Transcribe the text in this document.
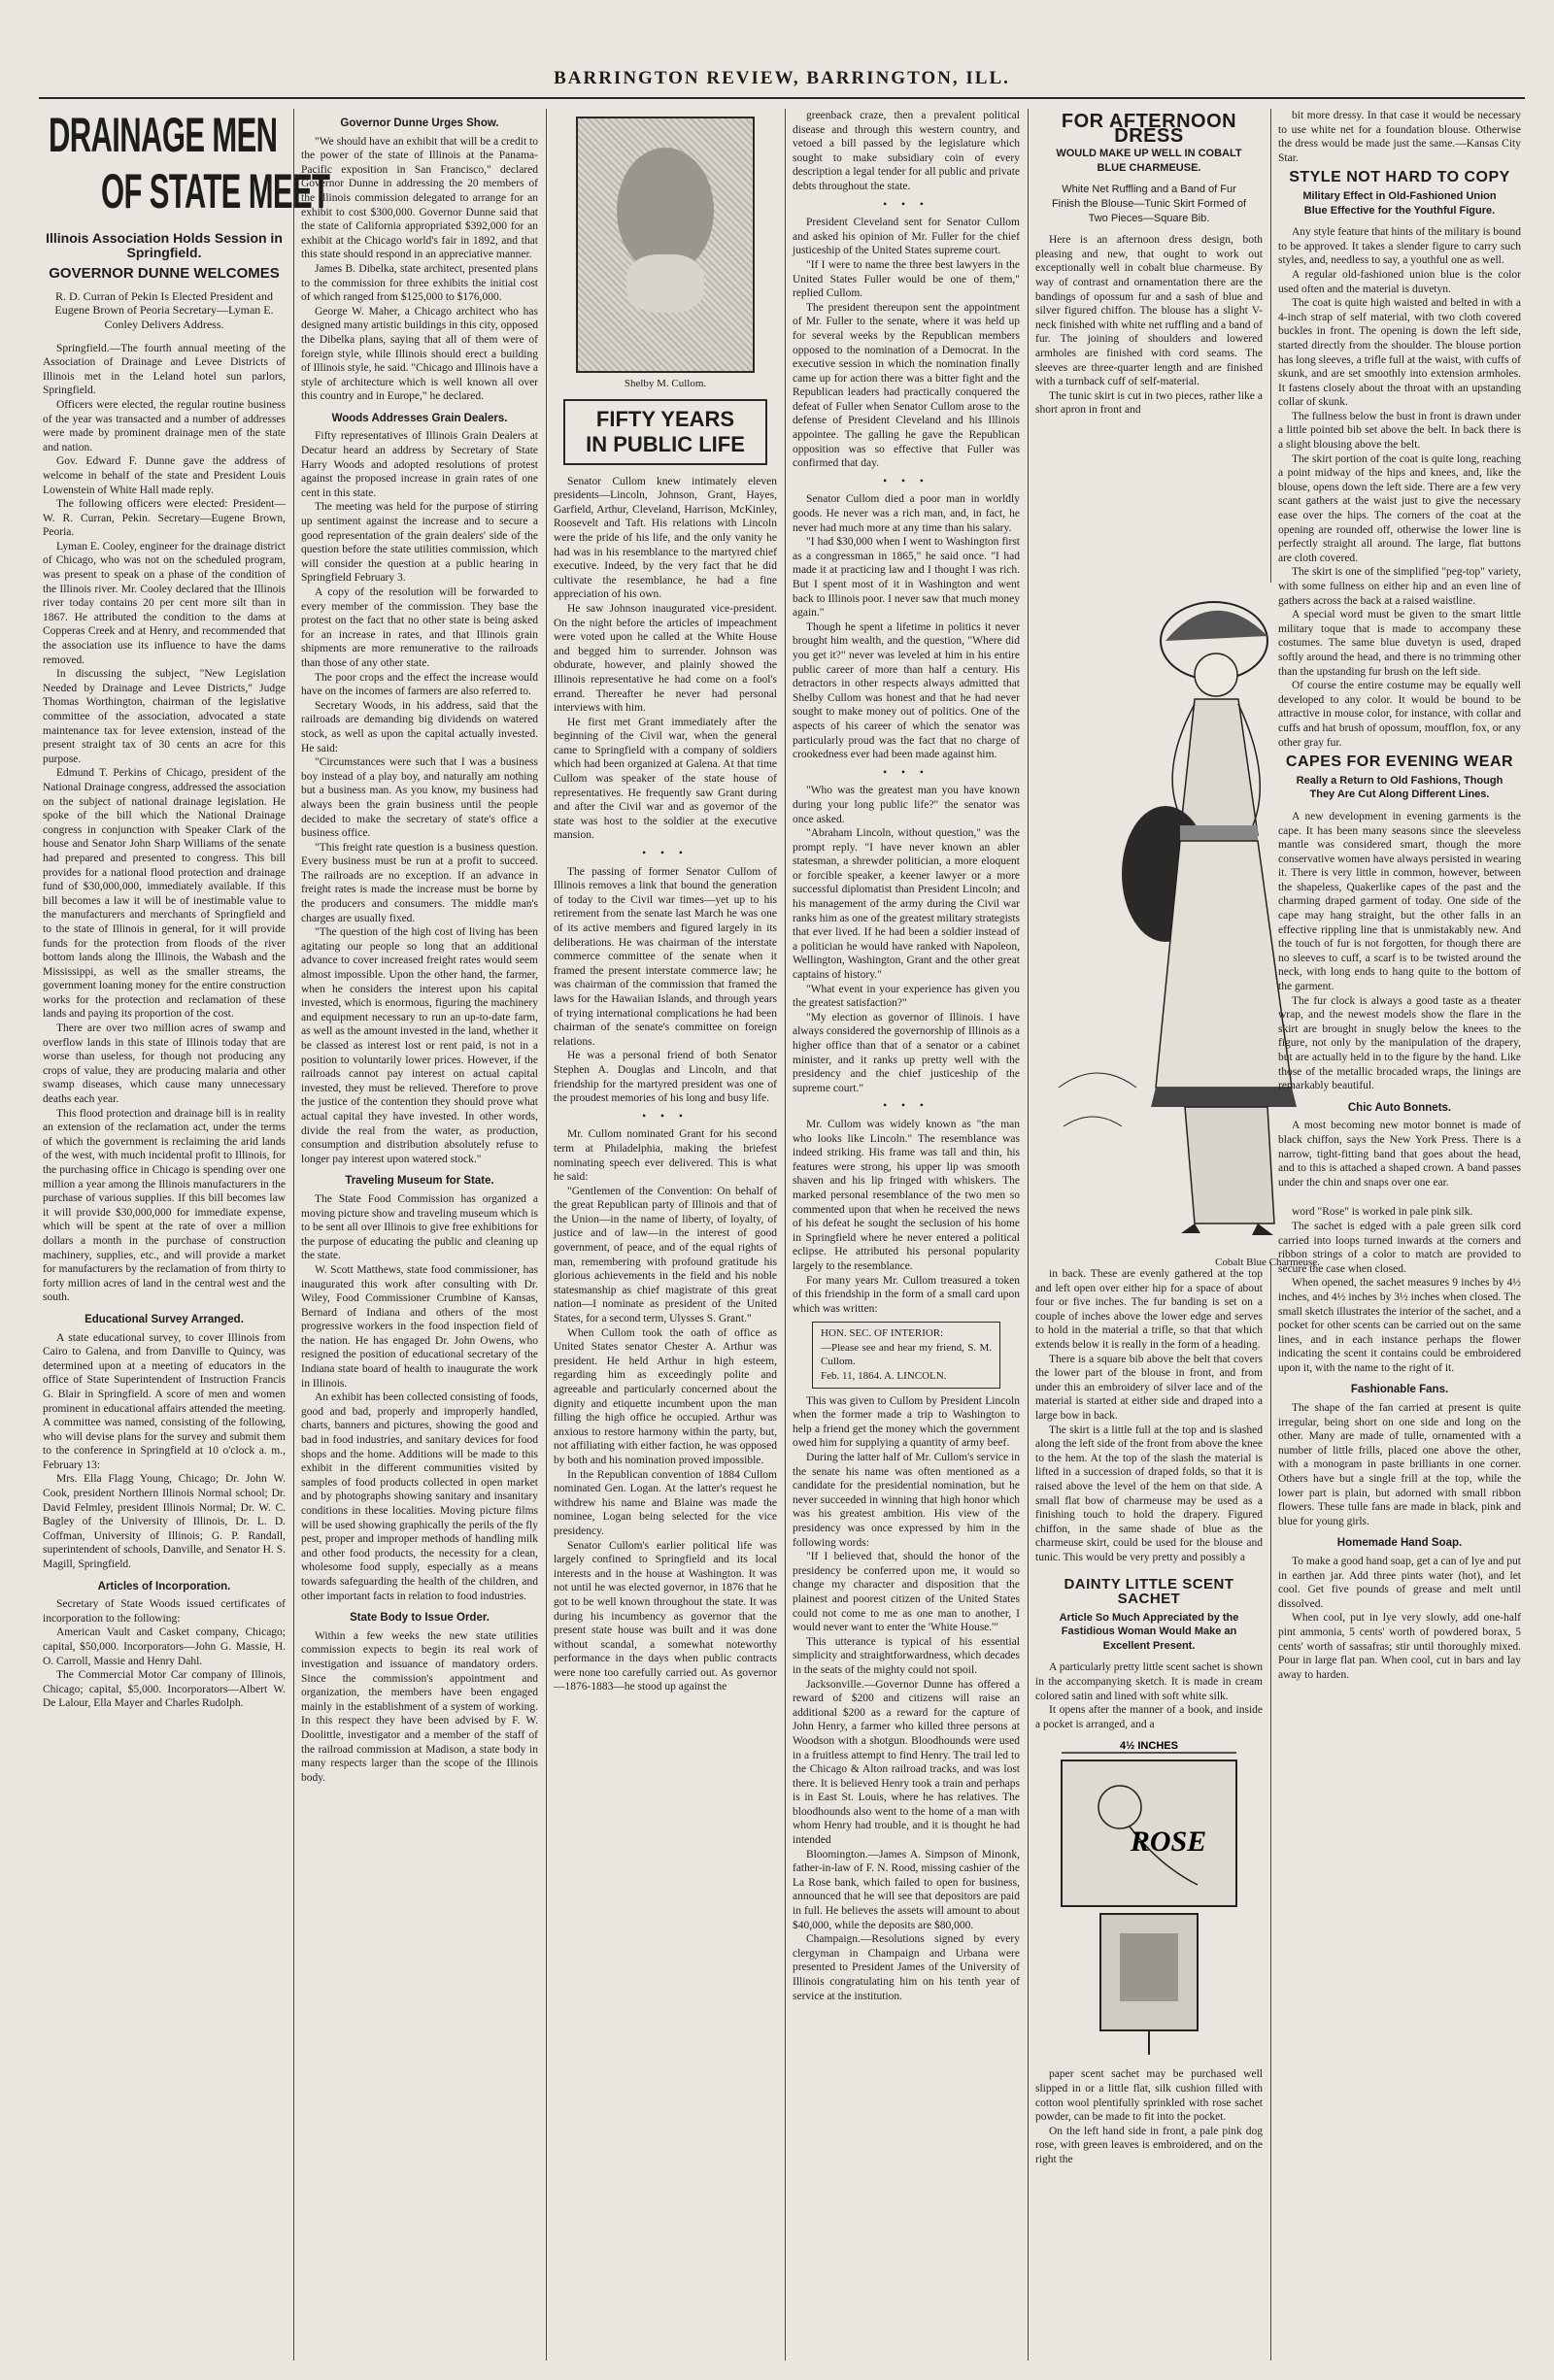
BARRINGTON REVIEW, BARRINGTON, ILL.
DRAINAGE MEN
OF STATE MEET
Illinois Association Holds Session in Springfield.
GOVERNOR DUNNE WELCOMES
R. D. Curran of Pekin Is Elected President and Eugene Brown of Peoria Secretary—Lyman E. Conley Delivers Address.

Springfield.—The fourth annual meeting of the Association of Drainage and Levee Districts of Illinois met in the Leland hotel sun parlors, Springfield.

Officers were elected, the regular routine business of the year was transacted and a number of addresses were made by prominent drainage men of the state and nation.

Gov. Edward F. Dunne gave the address of welcome in behalf of the state and President Louis Lowenstein of White Hall made reply.

The following officers were elected: President—W. R. Curran, Pekin. Secretary—Eugene Brown, Peoria.

Lyman E. Cooley, engineer for the drainage district of Chicago, who was not on the scheduled program, was present to speak on a phase of the condition of the Illinois river. Mr. Cooley declared that the Illinois river today contains 20 per cent more silt than in 1867. He attributed the condition to the dams at Copperas Creek and at Henry, and recommended that the association use its influence to have the dams removed.

In discussing the subject, "New Legislation Needed by Drainage and Levee Districts," Judge Thomas Worthington, chairman of the legislative committee of the association, advocated a state maintenance tax for levee extension, instead of the present straight tax of 30 cents an acre for this purpose.

Edmund T. Perkins of Chicago, president of the National Drainage congress, addressed the association on the subject of national drainage legislation. He spoke of the bill which the National Drainage congress in conjunction with Speaker Clark of the house and Senator John Sharp Williams of the senate had prepared and presented to congress. This bill provides for a national flood protection and drainage fund of $30,000,000, immediately available. If this bill becomes a law it will be of inestimable value to the manufacturers and merchants of Springfield and to the state of Illinois in general, for it will provide funds for the protection from floods of the river bottom lands along the Illinois, the Wabash and the Mississippi, as well as the smaller streams, the government loaning money for the entire construction works for the protection and reclamation of these lands and paying its proportion of the cost.

There are over two million acres of swamp and overflow lands in this state of Illinois today that are worse than useless, for though not producing any crops of value, they are producing malaria and other swamp diseases, which cause many unnecessary deaths each year.

This flood protection and drainage bill is in reality an extension of the reclamation act, under the terms of which the government is reclaiming the arid lands of the west, with much incidental profit to Illinois, for the purchasing office in Chicago is spending over one million a year among the Illinois manufacturers in the purchase of various supplies. If this bill becomes law it will provide $30,000,000 for immediate expense, which will be spent at the rate of over a million dollars a month in the purchase of construction machinery, supplies, etc., and will provide a market for manufacturers by the reclamation of from thirty to forty million acres of land in the central west and the south.

Educational Survey Arranged.

A state educational survey, to cover Illinois from Cairo to Galena, and from Danville to Quincy, was determined upon at a meeting of educators in the office of State Superintendent of Instruction Francis G. Blair in Springfield. A score of men and women prominent in educational affairs attended the meeting. A committee was named, consisting of the following, who will devise plans for the survey and submit them to the conference in Springfield at 10 o'clock a. m., February 13:

Mrs. Ella Flagg Young, Chicago; Dr. John W. Cook, president Northern Illinois Normal school; Dr. David Felmley, president Illinois Normal; Dr. W. C. Bagley of the University of Illinois, Dr. L. D. Coffman, University of Illinois; G. P. Randall, superintendent of schools, Danville, and Senator H. S. Magill, Springfield.

Articles of Incorporation.

Secretary of State Woods issued certificates of incorporation to the following:

American Vault and Casket company, Chicago; capital, $50,000. Incorporators—John G. Massie, H. O. Carroll, Massie and Henry Dahl.

The Commercial Motor Car company of Illinois, Chicago; capital, $5,000. Incorporators—Albert W. De Lalour, Ella Mayer and Charles Rudolph.

Governor Dunne Urges Show.

"We should have an exhibit that will be a credit to the power of the state of Illinois at the Panama-Pacific exposition in San Francisco," declared Governor Dunne in addressing the 20 members of the Illinois commission delegated to arrange for an exhibit to cost $300,000. Governor Dunne said that the state of California appropriated $392,000 for an exhibit at the Chicago world's fair in 1892, and that this state should respond in an appreciative manner.

James B. Dibelka, state architect, presented plans to the commission for three exhibits the initial cost of which ranged from $125,000 to $176,000.

George W. Maher, a Chicago architect who has designed many artistic buildings in this city, opposed the Dibelka plans, saying that all of them were of foreign style, while Illinois should erect a building of Illinois style, he said. "Chicago and Illinois have a style of architecture which is well known all over this country and in Europe," he declared.

Woods Addresses Grain Dealers.

Fifty representatives of Illinois Grain Dealers at Decatur heard an address by Secretary of State Harry Woods and adopted resolutions of protest against the proposed increase in grain rates of one cent in this state.

The meeting was held for the purpose of stirring up sentiment against the increase and to secure a good representation of the grain dealers' side of the question before the state utilities commission, which will consider the question at a public hearing in Springfield February 3.

A copy of the resolution will be forwarded to every member of the commission. They base the protest on the fact that no other state is being asked for an increase in rates, and that Illinois grain shipments are more remunerative to the railroads than those of any other state.

The poor crops and the effect the increase would have on the incomes of farmers are also referred to.

Secretary Woods, in his address, said that the railroads are demanding big dividends on watered stock, as well as upon the capital actually invested. He said:

"Circumstances were such that I was a business boy instead of a play boy, and naturally am nothing but a business man. As you know, my business had always been the grain business until the people decided to make the secretary of state's office a business office.

"This freight rate question is a business question. Every business must be run at a profit to succeed. The railroads are no exception. If an advance in freight rates is made the increase must be borne by the producers and consumers. The middle man's charges are usually fixed.

"The question of the high cost of living has been agitating our people so long that an additional advance to cover increased freight rates would seem almost impossible. Upon the other hand, the farmer, when he considers the interest upon his capital invested, which is enormous, figuring the machinery and equipment necessary to run an up-to-date farm, as well as the amount invested in the land, whether it be classed as interest lost or rent paid, is not in a position to voluntarily lower prices. However, if the railroads cannot pay interest on actual capital invested, they must be relieved. Therefore to prove the justice of the contention they should prove what actual capital they have invested. In other words, divide the real from the water, as production, consumption and distribution absolutely refuse to longer pay interest upon watered stock."

Traveling Museum for State.

The State Food Commission has organized a moving picture show and traveling museum which is to be sent all over Illinois to give free exhibitions for the purpose of educating the public and cleaning up the state.

W. Scott Matthews, state food commissioner, has inaugurated this work after consulting with Dr. Wiley, Food Commissioner Crumbine of Kansas, Bernard of Indiana and others of the most progressive workers in the food inspection field of the nation. He has engaged Dr. John Owens, who resigned the position of educational secretary of the Indiana state board of health to inaugurate the work in Illinois.

An exhibit has been collected consisting of foods, good and bad, properly and improperly handled, charts, banners and pictures, showing the good and bad in food industries, and sanitary devices for food shops and the home. Additions will be made to this exhibit in the different communities visited by samples of food products collected in open market and by photographs showing sanitary and insanitary conditions in these localities. Moving picture films will be used showing graphically the perils of the fly pest, proper and improper methods of handling milk and other food products, the necessity for a clean, wholesome food supply, especially as a means towards safeguarding the health of the children, and other important facts in relation to food industries.

State Body to Issue Order.

Within a few weeks the new state utilities commission expects to begin its real work of investigation and issuance of mandatory orders. Since the commission's appointment and organization, the members have been engaged mainly in the establishment of a system of working. In this respect they have been advised by F. W. Doolittle, investigator and a member of the staff of the railroad commission at Madison, a state body in many respects larger than the scope of the Illinois body.

Shelby M. Cullom.
FIFTY YEARS
IN PUBLIC LIFE

Senator Cullom knew intimately eleven presidents—Lincoln, Johnson, Grant, Hayes, Garfield, Arthur, Cleveland, Harrison, McKinley, Roosevelt and Taft. His relations with Lincoln were the pride of his life, and the only vanity he had was in his resemblance to the martyred chief executive. Indeed, by the very fact that he did cultivate the resemblance, he had a fine appreciation of his own.

He saw Johnson inaugurated vice-president. On the night before the articles of impeachment were voted upon he called at the White House and begged him to surrender. Johnson was obdurate, however, and plainly showed the Illinois representative he had come on a fool's errand. Thereafter he never had personal interviews with him.

He first met Grant immediately after the beginning of the Civil war, when the general came to Springfield with a company of soldiers which had been organized at Galena. At that time Cullom was speaker of the state house of representatives. He frequently saw Grant during and after the Civil war and as governor of the state was host to the soldier at the executive mansion.

• • •

The passing of former Senator Cullom of Illinois removes a link that bound the generation of today to the Civil war times—yet up to his retirement from the senate last March he was one of its active members and figured largely in its deliberations. He was chairman of the interstate commerce committee of the senate when it framed the present interstate commerce law; he was chairman of the commission that framed the laws for the Hawaiian Islands, and through years of trying international complications he had been chairman of the senate's committee on foreign relations.

He was a personal friend of both Senator Stephen A. Douglas and Lincoln, and that friendship for the martyred president was one of the proudest memories of his long and busy life.

• • •

Mr. Cullom nominated Grant for his second term at Philadelphia, making the briefest nominating speech ever delivered. This is what he said:

"Gentlemen of the Convention: On behalf of the great Republican party of Illinois and that of the Union—in the name of liberty, of loyalty, of justice and of law—in the interest of good government, of peace, and of the equal rights of man, remembering with profound gratitude his glorious achievements in the field and his noble statesmanship as chief magistrate of this great nation—I nominate as president of the United States, for a second term, Ulysses S. Grant."

When Cullom took the oath of office as United States senator Chester A. Arthur was president. He held Arthur in high esteem, regarding him as exceedingly polite and agreeable and particularly concerned about the dignity and etiquette incumbent upon the man filling the high office he occupied. Arthur was anxious to restore harmony within the party, but, not affiliating with either faction, he was opposed by both and his nomination proved impossible.

In the Republican convention of 1884 Cullom nominated Gen. Logan. At the latter's request he withdrew his name and Blaine was made the nominee, Logan being selected for the vice presidency.

Senator Cullom's earlier political life was largely confined to Springfield and its local interests and in the house at Washington. It was not until he was elected governor, in 1876 that he got to be well known throughout the state. It was during his incumbency as governor that the present state house was built and it was done without scandal, a somewhat noteworthy performance in the days when public contracts were none too carefully carried out. As governor—1876-1883—he stood up against the

greenback craze, then a prevalent political disease and through this western country, and vetoed a bill passed by the legislature which sought to make subsidiary coin of every description a legal tender for all public and private debts throughout the state.

• • •

President Cleveland sent for Senator Cullom and asked his opinion of Mr. Fuller for the chief justiceship of the United States supreme court.

"If I were to name the three best lawyers in the United States Fuller would be one of them," replied Cullom.

The president thereupon sent the appointment of Mr. Fuller to the senate, where it was held up for several weeks by the Republican members opposed to the nomination of a Democrat. In the executive session in which the nomination finally came up for action there was a bitter fight and the Republican leaders had practically conquered the defeat of Fuller when Senator Cullom arose to the defense of President Cleveland and his Illinois appointee. The galling he gave the Republican opposition was so effective that Fuller was confirmed that day.

• • •

Senator Cullom died a poor man in worldly goods. He never was a rich man, and, in fact, he never had much more at any time than his salary.

"I had $30,000 when I went to Washington first as a congressman in 1865," he said once. "I had made it at practicing law and I thought I was rich. But I spent most of it in Washington and went back to Illinois poor. I never saw that much money again."

Though he spent a lifetime in politics it never brought him wealth, and the question, "Where did you get it?" never was leveled at him in his entire public career of more than half a century. His detractors in other respects always admitted that Shelby Cullom was honest and that he had never sought to make money out of politics. One of the aspects of his career of which the senator was particularly proud was the fact that no charge of crookedness ever had been made against him.

• • •

"Who was the greatest man you have known during your long public life?" the senator was once asked.

"Abraham Lincoln, without question," was the prompt reply. "I have never known an abler statesman, a shrewder politician, a more eloquent or forcible speaker, a keener lawyer or a more successful diplomatist than President Lincoln; and his management of the army during the Civil war ranks him as one of the greatest military strategists that ever lived. If he had been a soldier instead of a politician he would have ranked with Napoleon, Wellington, Washington, Grant and the other great captains of history."

"What event in your experience has given you the greatest satisfaction?"

"My election as governor of Illinois. I have always considered the governorship of Illinois as a higher office than that of a senator or a cabinet minister, and it ranks up pretty well with the presidency and the chief justiceship of the supreme court."

• • •

Mr. Cullom was widely known as "the man who looks like Lincoln." The resemblance was indeed striking. His frame was tall and thin, his features were strong, his upper lip was smooth shaven and his lip fringed with whiskers. The marked personal resemblance of the two men so commented upon that when he received the news of his defeat he sought the seclusion of his home in Springfield where he never entered a political eclipse. He attributed his personal popularity largely to the resemblance.

For many years Mr. Cullom treasured a token of this friendship in the form of a small card upon which was written:

HON. SEC. OF INTERIOR:
—Please see and hear my friend, S. M. Cullom.
Feb. 11, 1864. A. LINCOLN.

This was given to Cullom by President Lincoln when the former made a trip to Washington to help a friend get the money which the government owed him for supplying a quantity of army beef.

During the latter half of Mr. Cullom's service in the senate his name was often mentioned as a candidate for the presidential nomination, but he never succeeded in winning that high honor which was his greatest ambition. His view of the presidency was once expressed by him in the following words:

"If I believed that, should the honor of the presidency be conferred upon me, it would so change my character and disposition that the plainest and poorest citizen of the United States could not come to me as one man to another, I would never want to enter the 'White House.'"

This utterance is typical of his essential simplicity and straightforwardness, which decades in the seats of the mighty could not spoil.

Jacksonville.—Governor Dunne has offered a reward of $200 and citizens will raise an additional $200 as a reward for the capture of John Henry, a farmer who killed three persons at Woodson with a shotgun. Bloodhounds were used in a fruitless attempt to find Henry. The trail led to the Chicago & Alton railroad tracks, and was lost there. It is believed Henry took a train and perhaps is in East St. Louis, where he has relatives. The bloodhounds also went to the home of a man with whom Henry had trouble, and it is thought he had intended

Bloomington.—James A. Simpson of Minonk, father-in-law of F. N. Rood, missing cashier of the La Rose bank, which failed to open for business, announced that he will see that depositors are paid in full. He believes the assets will amount to about $40,000, while the deposits are $80,000.

Champaign.—Resolutions signed by every clergyman in Champaign and Urbana were presented to President James of the University of Illinois congratulating him on his tenth year of service at the institution.

FOR AFTERNOON DRESS
WOULD MAKE UP WELL IN COBALT BLUE CHARMEUSE.
White Net Ruffling and a Band of Fur Finish the Blouse—Tunic Skirt Formed of Two Pieces—Square Bib.

Here is an afternoon dress design, both pleasing and new, that ought to work out exceptionally well in cobalt blue charmeuse. By way of contrast and ornamentation there are the bandings of opossum fur and a sash of blue and silver figured chiffon. The blouse has a slight V-neck finished with white net ruffling and a band of fur. The joining of shoulders and lowered armholes are finished with cord seams. The sleeves are three-quarter length and are finished with a turnback cuff of self-material.

The tunic skirt is cut in two pieces, rather like a short apron in front and

Cobalt Blue Charmeuse.

in back. These are evenly gathered at the top and left open over either hip for a space of about four or five inches. The fur banding is set on a couple of inches above the lower edge and serves to hold in the material a trifle, so that that which extends below it is really in the form of a heading.

There is a square bib above the belt that covers the lower part of the blouse in front, and from under this an embroidery of silver lace and of the material is started at either side and draped into a large bow in back.

The skirt is a little full at the top and is slashed along the left side of the front from above the knee to the hem. At the top of the slash the material is lifted in a succession of draped folds, so that it is raised above the level of the hem on that side. A small flat bow of charmeuse may be used as a finishing touch to hold the drapery. Figured chiffon, in the same shade of blue as the charmeuse skirt, could be used for the blouse and tunic. This would be very pretty and possibly a

DAINTY LITTLE SCENT SACHET
Article So Much Appreciated by the Fastidious Woman Would Make an Excellent Present.

A particularly pretty little scent sachet is shown in the accompanying sketch. It is made in cream colored satin and lined with soft white silk.

It opens after the manner of a book, and inside a pocket is arranged, and a

4½ INCHES
ROSE

paper scent sachet may be purchased well slipped in or a little flat, silk cushion filled with cotton wool plentifully sprinkled with rose sachet powder, can be made to fit into the pocket.

On the left hand side in front, a pale pink dog rose, with green leaves is embroidered, and on the right the

bit more dressy. In that case it would be necessary to use white net for a foundation blouse. Otherwise the dress would be made just the same.—Kansas City Star.

STYLE NOT HARD TO COPY
Military Effect in Old-Fashioned Union Blue Effective for the Youthful Figure.

Any style feature that hints of the military is bound to be approved. It takes a slender figure to carry such styles, and, needless to say, a youthful one as well.

A regular old-fashioned union blue is the color used often and the material is duvetyn.

The coat is quite high waisted and belted in with a 4-inch strap of self material, with two cloth covered buckles in front. The opening is down the left side, started directly from the shoulder. The blouse portion has long sleeves, a trifle full at the waist, with cuffs of skunk, and are set smoothly into extension armholes. It fastens closely about the throat with an upstanding collar of skunk.

The fullness below the bust in front is drawn under a little pointed bib set above the belt. In back there is a slight blousing above the belt.

The skirt portion of the coat is quite long, reaching a point midway of the hips and knees, and, like the blouse, opens down the left side. There are a few very scant gathers at the waist just to give the necessary ease over the hips. The corners of the coat at the opening are rounded off, otherwise the lower line is perfectly straight all around. The large, flat buttons are cloth covered.

The skirt is one of the simplified "peg-top" variety, with some fullness on either hip and an even line of gathers across the back at a raised waistline.

A special word must be given to the smart little military toque that is made to accompany these costumes. The same blue duvetyn is used, draped softly around the head, and there is no trimming other than the upstanding fur brush on the left side.

Of course the entire costume may be equally well developed to any color. It would be bound to be attractive in mouse color, for instance, with collar and cuffs and hat brush of opossum, moufflon, fox, or any other gray fur.

CAPES FOR EVENING WEAR
Really a Return to Old Fashions, Though They Are Cut Along Different Lines.

A new development in evening garments is the cape. It has been many seasons since the sleeveless mantle was considered smart, though the more conservative women have always persisted in wearing it. There is very little in common, however, between the shapeless, Quakerlike capes of the past and the charming draped garment of today. One side of the cape may hang straight, but the other falls in an effective rippling line that is unmistakably new. And the touch of fur is not forgotten, for though there are no sleeves to cuff, a scarf is to be twisted around the neck, with long ends to hang quite to the bottom of the garment.

The fur clock is always a good taste as a theater wrap, and the newest models show the flare in the skirt are brought in snugly below the knees to the figure, not only by the manipulation of the drapery, but are actually held in to the figure by the hand. Like those of the metallic brocaded wraps, the linings are remarkably beautiful.

Chic Auto Bonnets.

A most becoming new motor bonnet is made of black chiffon, says the New York Press. There is a narrow, tight-fitting band that goes about the head, and to this is attached a shaped crown. A band passes under the chin and snaps over one ear.

word "Rose" is worked in pale pink silk.

The sachet is edged with a pale green silk cord carried into loops turned inwards at the corners and ribbon strings of a color to match are provided to secure the case when closed.

When opened, the sachet measures 9 inches by 4½ inches, and 4½ inches by 3½ inches when closed. The small sketch illustrates the interior of the sachet, and a pocket for other scents can be carried out on the same lines, and in each instance perhaps the flower indicating the scent it contains could be embroidered upon it, with the name to the right of it.

Fashionable Fans.

The shape of the fan carried at present is quite irregular, being short on one side and long on the other. Many are made of tulle, ornamented with a number of little frills, placed one above the other, with a monogram in paste brilliants in one corner. Others have but a single frill at the top, while the lower part is plain, but adorned with small ribbon flowers. These tulle fans are made in black, pink and blue for young girls.

Homemade Hand Soap.

To make a good hand soap, get a can of lye and put in earthen jar. Add three pints water (hot), and let cool. Get five pounds of grease and melt until dissolved.

When cool, put in lye very slowly, add one-half pint ammonia, 5 cents' worth of powdered borax, 5 cents' worth of sassafras; stir until thoroughly mixed. Pour in large flat pan. When cool, cut in bars and lay away to harden.
